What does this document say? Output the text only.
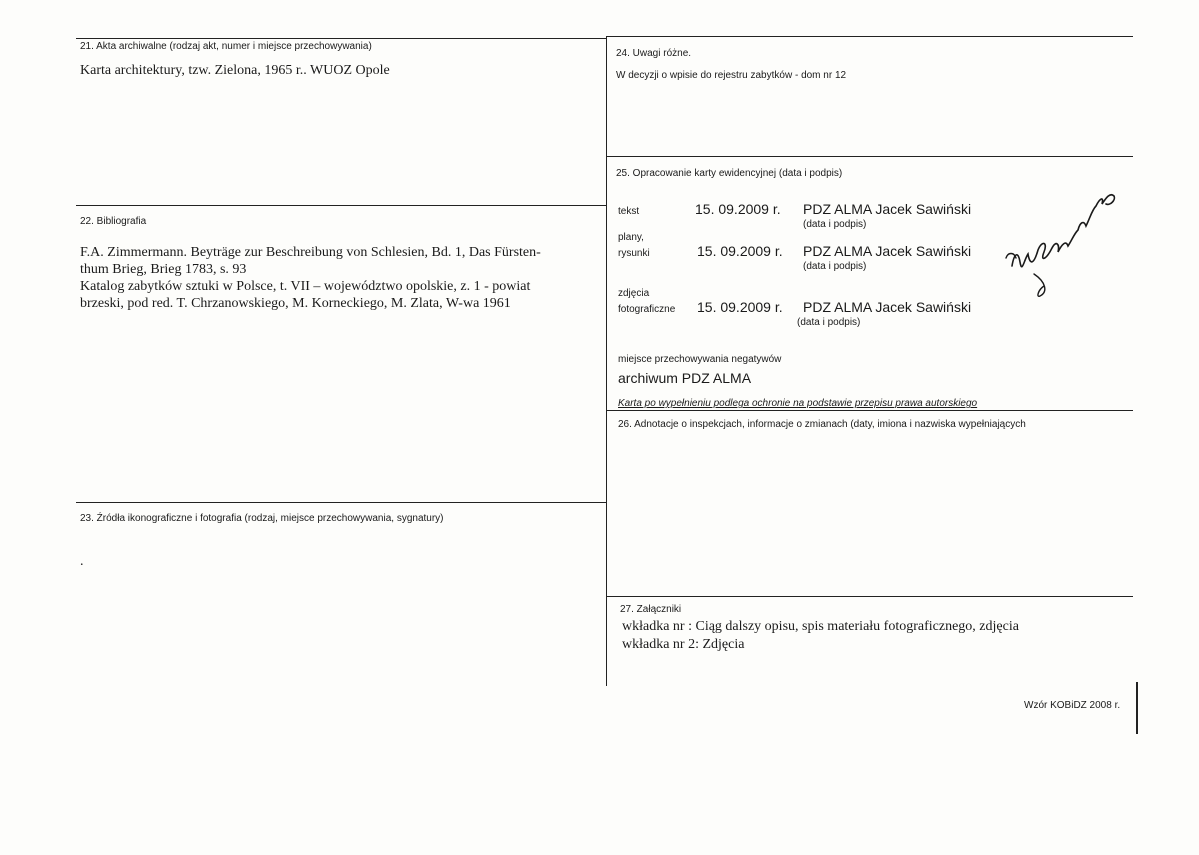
21. Akta archiwalne (rodzaj akt, numer i miejsce przechowywania)
Karta architektury, tzw. Zielona, 1965 r.. WUOZ Opole
22. Bibliografia
F.A. Zimmermann. Beyträge zur Beschreibung von Schlesien, Bd. 1, Das Fürsten-
thum Brieg, Brieg 1783, s. 93
Katalog zabytków sztuki w Polsce, t. VII – województwo opolskie, z. 1 - powiat
brzeski, pod red. T. Chrzanowskiego, M. Korneckiego, M. Zlata, W-wa 1961
23. Źródła ikonograficzne i fotografia (rodzaj, miejsce przechowywania, sygnatury)
.
24. Uwagi różne.
W decyzji o wpisie do rejestru zabytków - dom nr 12
25. Opracowanie karty ewidencyjnej (data i podpis)
tekst	15. 09.2009 r. PDZ ALMA Jacek Sawiński
(data i podpis)
plany,
rysunki	15. 09.2009 r. PDZ ALMA Jacek Sawiński
(data i podpis)
zdjęcia
fotograficzne 15. 09.2009 r. PDZ ALMA Jacek Sawiński
(data i podpis)
miejsce przechowywania negatywów
archiwum PDZ ALMA
Karta po wypełnieniu podlega ochronie na podstawie przepisu prawa autorskiego
26. Adnotacje o inspekcjach, informacje o zmianach (daty, imiona i nazwiska wypełniających
27. Załączniki
wkładka nr : Ciąg dalszy opisu, spis materiału fotograficznego, zdjęcia
wkładka nr 2: Zdjęcia
Wzór KOBiDZ 2008 r.
